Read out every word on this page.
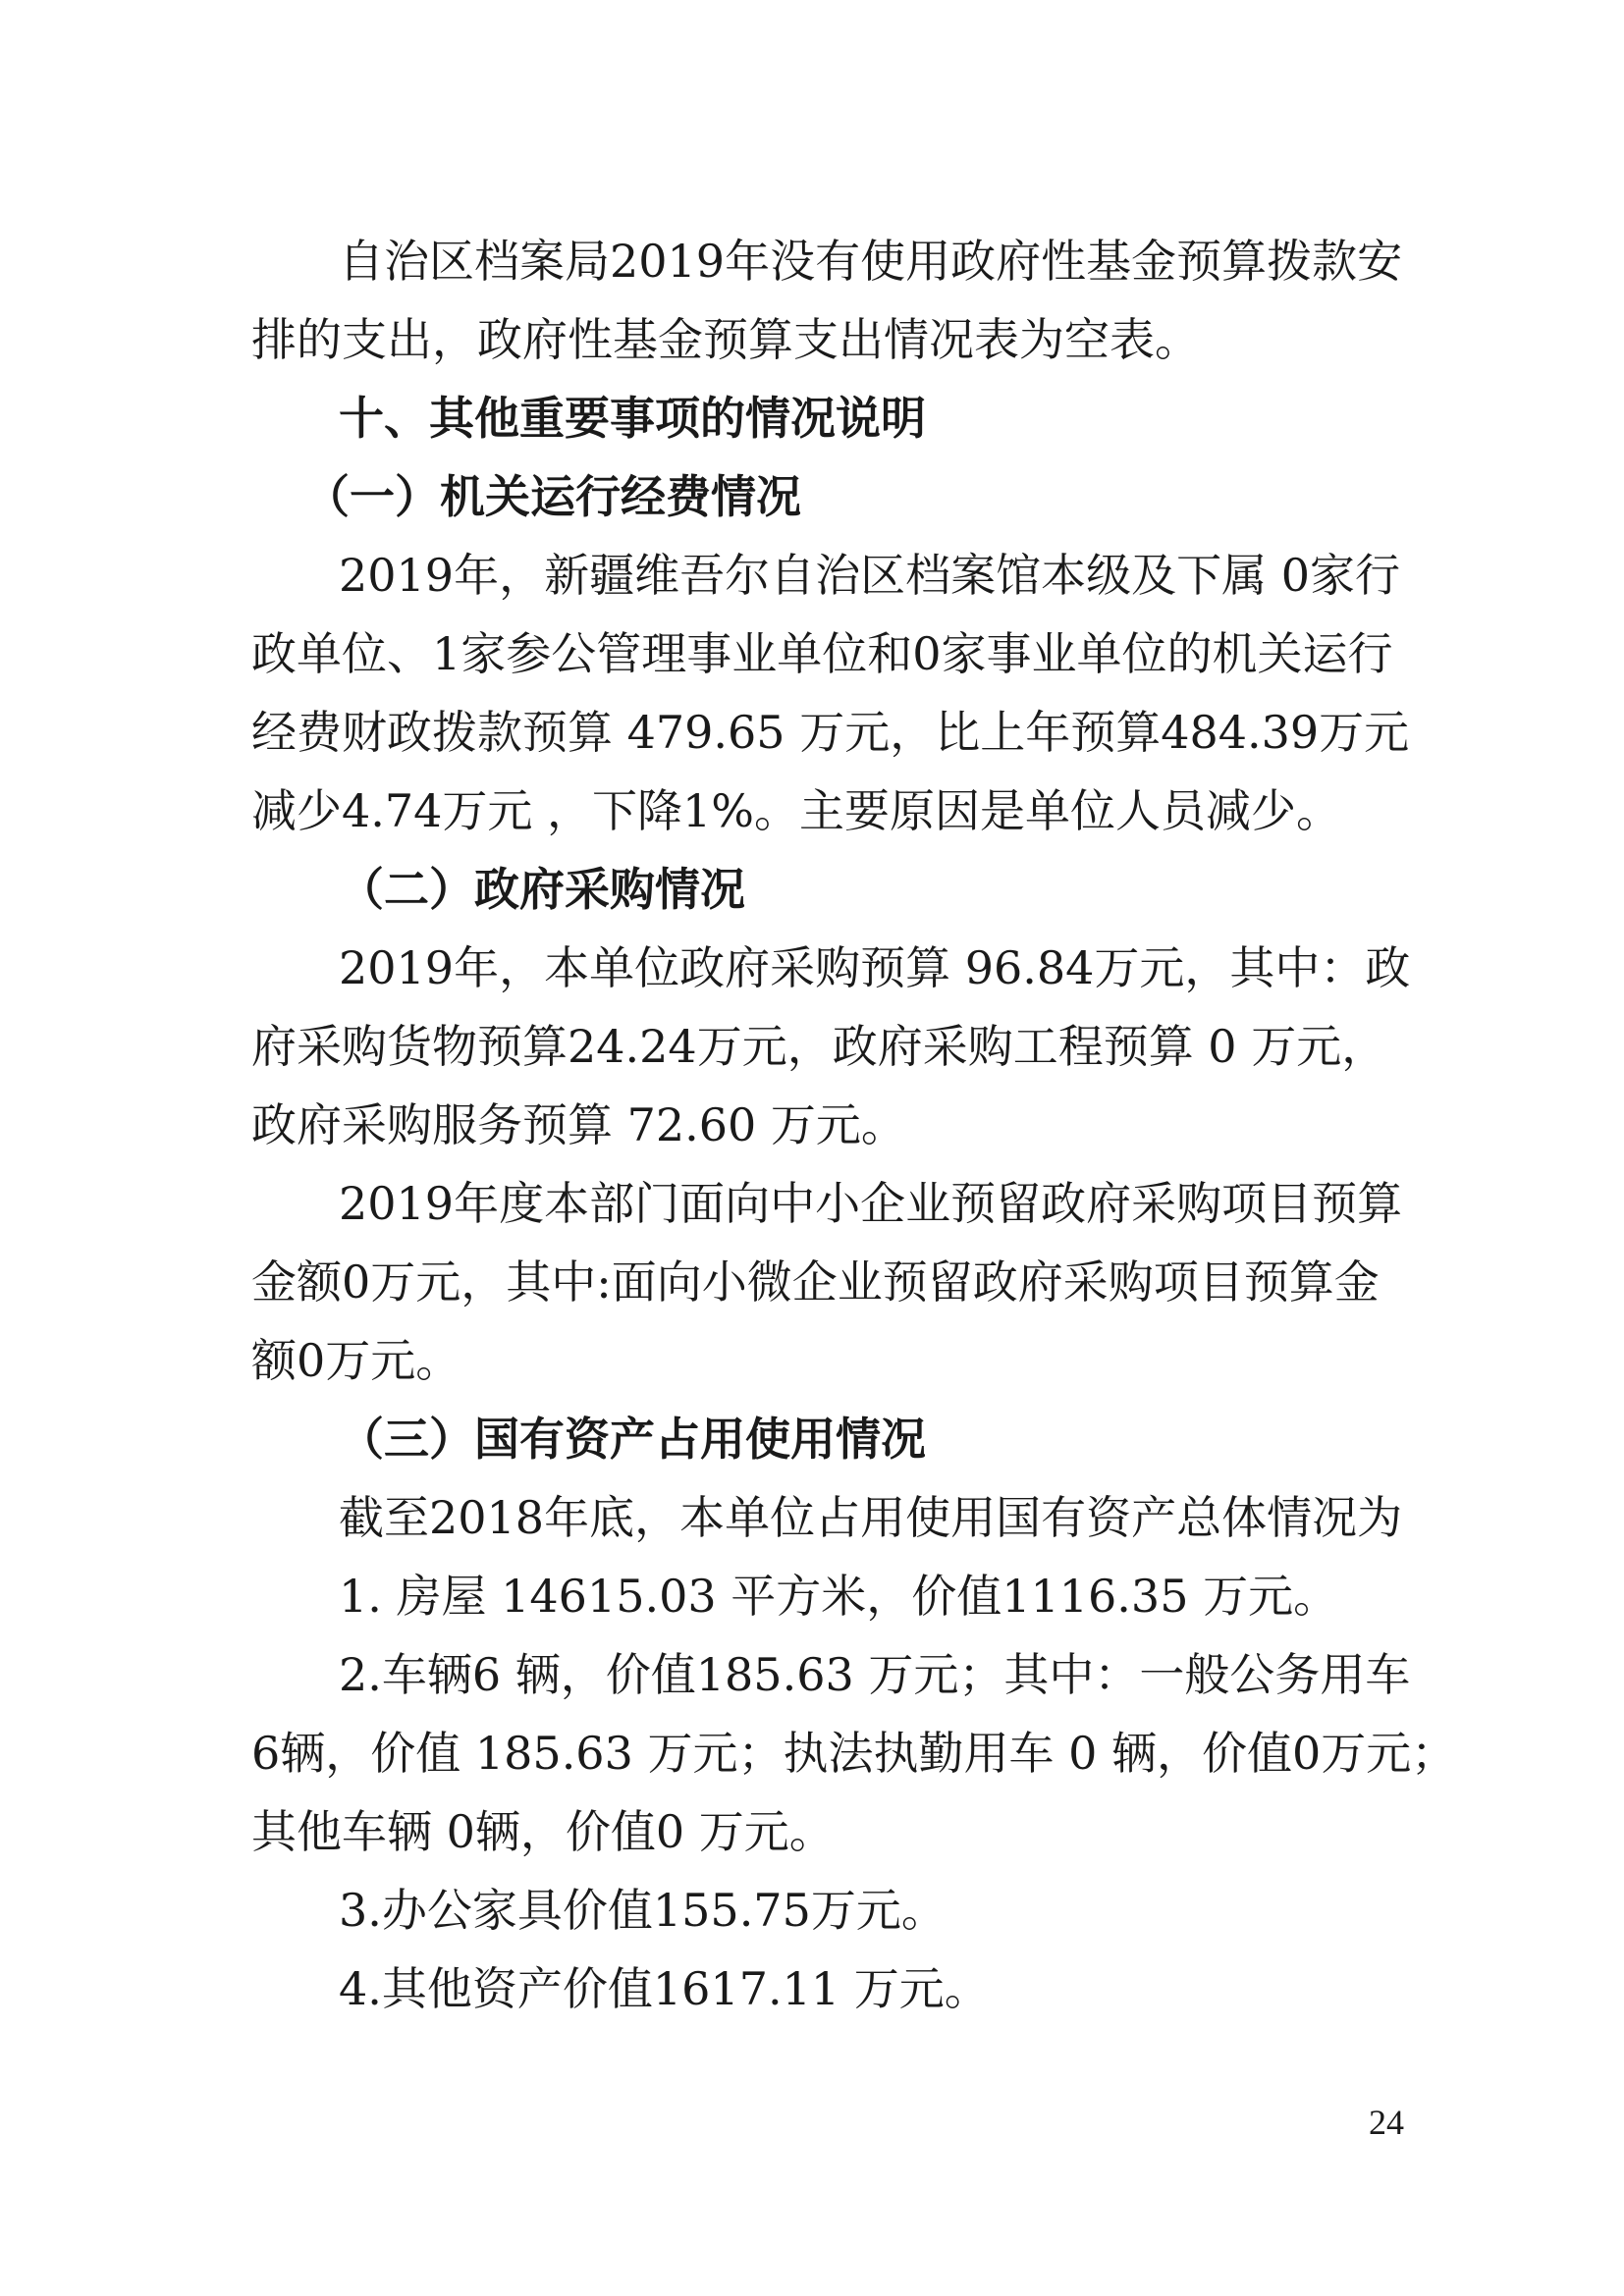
自治区档案局2019年没有使用政府性基金预算拨款安
排的支出，政府性基金预算支出情况表为空表。
十、其他重要事项的情况说明
（一）机关运行经费情况
2019年，新疆维吾尔自治区档案馆本级及下属 0家行
政单位、1家参公管理事业单位和0家事业单位的机关运行
经费财政拨款预算 479.65 万元，比上年预算484.39万元
减少4.74万元 ，下降1%。主要原因是单位人员减少。
（二）政府采购情况
2019年，本单位政府采购预算 96.84万元，其中：政
府采购货物预算24.24万元，政府采购工程预算 0 万元，
政府采购服务预算 72.60 万元。
2019年度本部门面向中小企业预留政府采购项目预算
金额0万元，其中:面向小微企业预留政府采购项目预算金
额0万元。
（三）国有资产占用使用情况
截至2018年底，本单位占用使用国有资产总体情况为
1. 房屋 14615.03 平方米，价值1116.35 万元。
2.车辆6 辆，价值185.63 万元；其中：一般公务用车
6辆，价值 185.63 万元；执法执勤用车 0 辆，价值0万元；
其他车辆 0辆，价值0 万元。
3.办公家具价值155.75万元。
4.其他资产价值1617.11 万元。
24
